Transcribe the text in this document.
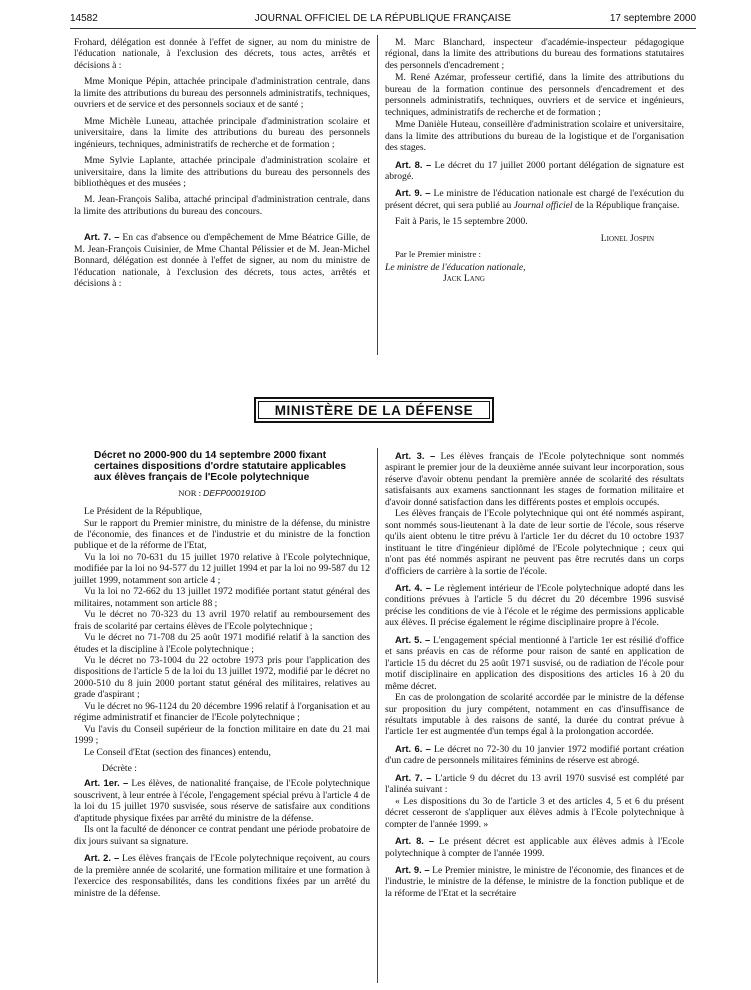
14582	JOURNAL OFFICIEL DE LA RÉPUBLIQUE FRANÇAISE	17 septembre 2000

Frohard, délégation est donnée à l'effet de signer, au nom du ministre de l'éducation nationale, à l'exclusion des décrets, tous actes, arrêtés et décisions à :

Mme Monique Pépin, attachée principale d'administration centrale, dans la limite des attributions du bureau des personnels administratifs, techniques, ouvriers et de service et des personnels sociaux et de santé ;

Mme Michèle Luneau, attachée principale d'administration scolaire et universitaire, dans la limite des attributions du bureau des personnels ingénieurs, techniques, administratifs de recherche et de formation ;

Mme Sylvie Laplante, attachée principale d'administration scolaire et universitaire, dans la limite des attributions du bureau des personnels des bibliothèques et des musées ;

M. Jean-François Saliba, attaché principal d'administration centrale, dans la limite des attributions du bureau des concours.

Art. 7. – En cas d'absence ou d'empêchement de Mme Béatrice Gille, de M. Jean-François Cuisinier, de Mme Chantal Pélissier et de M. Jean-Michel Bonnard, délégation est donnée à l'effet de signer, au nom du ministre de l'éducation nationale, à l'exclusion des décrets, tous actes, arrêtés et décisions à :

M. Marc Blanchard, inspecteur d'académie-inspecteur pédagogique régional, dans la limite des attributions du bureau des formations statutaires des personnels d'encadrement ;

M. René Azémar, professeur certifié, dans la limite des attributions du bureau de la formation continue des personnels d'encadrement et des personnels administratifs, techniques, ouvriers et de service et ingénieurs, techniques, administratifs de recherche et de formation ;

Mme Danièle Huteau, conseillère d'administration scolaire et universitaire, dans la limite des attributions du bureau de la logistique et de l'organisation des stages.

Art. 8. – Le décret du 17 juillet 2000 portant délégation de signature est abrogé.

Art. 9. – Le ministre de l'éducation nationale est chargé de l'exécution du présent décret, qui sera publié au Journal officiel de la République française.

Fait à Paris, le 15 septembre 2000.

Lionel Jospin

Par le Premier ministre :

Le ministre de l'éducation nationale,

Jack Lang

MINISTÈRE DE LA DÉFENSE

Décret no 2000-900 du 14 septembre 2000 fixant certaines dispositions d'ordre statutaire applicables aux élèves français de l'Ecole polytechnique

NOR : DEFP0001910D

Le Président de la République,

Sur le rapport du Premier ministre, du ministre de la défense, du ministre de l'économie, des finances et de l'industrie et du ministre de la fonction publique et de la réforme de l'Etat,

Vu la loi no 70-631 du 15 juillet 1970 relative à l'Ecole polytechnique, modifiée par la loi no 94-577 du 12 juillet 1994 et par la loi no 99-587 du 12 juillet 1999, notamment son article 4 ;

Vu la loi no 72-662 du 13 juillet 1972 modifiée portant statut général des militaires, notamment son article 88 ;

Vu le décret no 70-323 du 13 avril 1970 relatif au remboursement des frais de scolarité par certains élèves de l'Ecole polytechnique ;

Vu le décret no 71-708 du 25 août 1971 modifié relatif à la sanction des études et la discipline à l'Ecole polytechnique ;

Vu le décret no 73-1004 du 22 octobre 1973 pris pour l'application des dispositions de l'article 5 de la loi du 13 juillet 1972, modifié par le décret no 2000-510 du 8 juin 2000 portant statut général des militaires, relatives au grade d'aspirant ;

Vu le décret no 96-1124 du 20 décembre 1996 relatif à l'organisation et au régime administratif et financier de l'Ecole polytechnique ;

Vu l'avis du Conseil supérieur de la fonction militaire en date du 21 mai 1999 ;

Le Conseil d'Etat (section des finances) entendu,

Décrète :

Art. 1er. – Les élèves, de nationalité française, de l'Ecole polytechnique souscrivent, à leur entrée à l'école, l'engagement spécial prévu à l'article 4 de la loi du 15 juillet 1970 susvisée, sous réserve de satisfaire aux conditions d'aptitude physique fixées par arrêté du ministre de la défense.

Ils ont la faculté de dénoncer ce contrat pendant une période probatoire de dix jours suivant sa signature.

Art. 2. – Les élèves français de l'Ecole polytechnique reçoivent, au cours de la première année de scolarité, une formation militaire et une formation à l'exercice des responsabilités, dans les conditions fixées par un arrêté du ministre de la défense.

Art. 3. – Les élèves français de l'Ecole polytechnique sont nommés aspirant le premier jour de la deuxième année suivant leur incorporation, sous réserve d'avoir obtenu pendant la première année de scolarité des résultats satisfaisants aux examens sanctionnant les stages de formation militaire et d'avoir donné satisfaction dans les différents postes et emplois occupés.

Les élèves français de l'Ecole polytechnique qui ont été nommés aspirant, sont nommés sous-lieutenant à la date de leur sortie de l'école, sous réserve qu'ils aient obtenu le titre prévu à l'article 1er du décret du 10 octobre 1937 instituant le titre d'ingénieur diplômé de l'Ecole polytechnique ; ceux qui n'ont pas été nommés aspirant ne peuvent pas être recrutés dans un corps d'officiers de carrière à la sortie de l'école.

Art. 4. – Le règlement intérieur de l'Ecole polytechnique adopté dans les conditions prévues à l'article 5 du décret du 20 décembre 1996 susvisé précise les conditions de vie à l'école et le régime des permissions applicable aux élèves. Il précise également le régime disciplinaire propre à l'école.

Art. 5. – L'engagement spécial mentionné à l'article 1er est résilié d'office et sans préavis en cas de réforme pour raison de santé en application de l'article 15 du décret du 25 août 1971 susvisé, ou de radiation de l'école pour motif disciplinaire en application des dispositions des articles 16 à 20 du même décret.

En cas de prolongation de scolarité accordée par le ministre de la défense sur proposition du jury compétent, notamment en cas d'insuffisance de résultats imputable à des raisons de santé, la durée du contrat prévue à l'article 1er est augmentée d'un temps égal à la prolongation accordée.

Art. 6. – Le décret no 72-30 du 10 janvier 1972 modifié portant création d'un cadre de personnels militaires féminins de réserve est abrogé.

Art. 7. – L'article 9 du décret du 13 avril 1970 susvisé est complété par l'alinéa suivant :

« Les dispositions du 3o de l'article 3 et des articles 4, 5 et 6 du présent décret cesseront de s'appliquer aux élèves admis à l'Ecole polytechnique à compter de l'année 1999. »

Art. 8. – Le présent décret est applicable aux élèves admis à l'Ecole polytechnique à compter de l'année 1999.

Art. 9. – Le Premier ministre, le ministre de l'économie, des finances et de l'industrie, le ministre de la défense, le ministre de la fonction publique et de la réforme de l'Etat et la secrétaire
